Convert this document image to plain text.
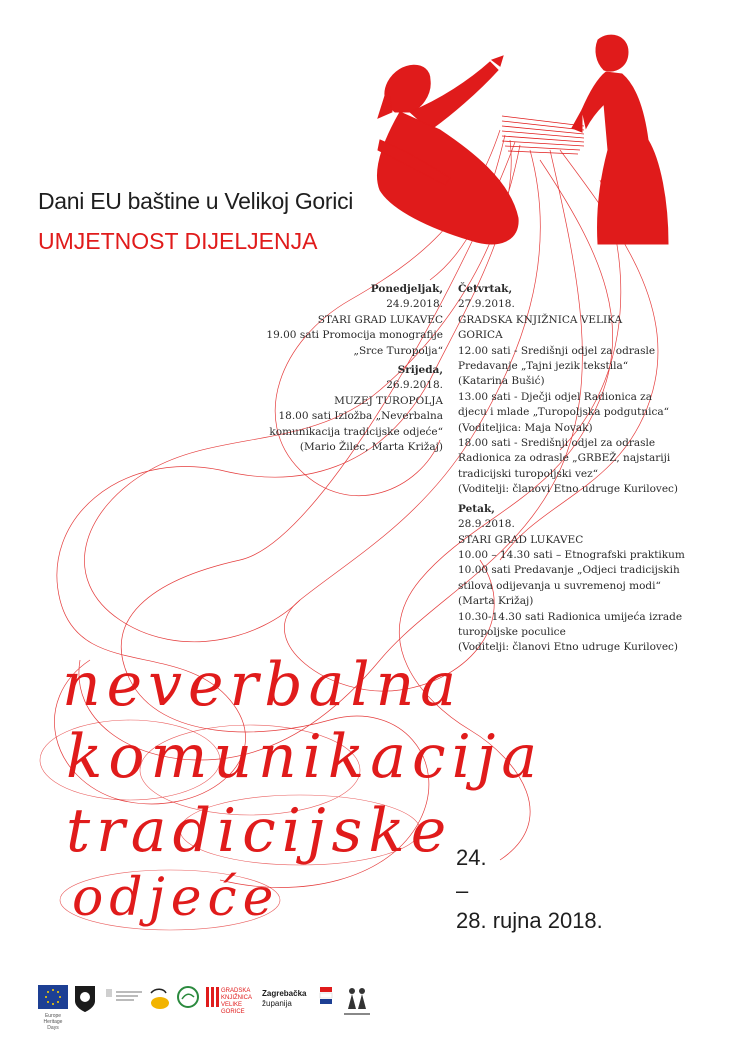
Dani EU baštine u Velikoj Gorici
UMJETNOST DIJELJENJA
Ponedjeljak,
24.9.2018.
STARI GRAD LUKAVEC
19.00 sati Promocija monografije
„Srce Turopolja“
Srijeda,
26.9.2018.
MUZEJ TUROPOLJA
18.00 sati Izložba „Neverbalna
komunikacija tradicijske odjeće“
(Mario Žilec, Marta Križaj)
Četvrtak,
27.9.2018.
GRADSKA KNJIŽNICA VELIKA
GORICA
12.00 sati - Središnji odjel za odrasle
Predavanje „Tajni jezik tekstila“
(Katarina Bušić)
13.00 sati - Dječji odjel Radionica za
djecu i mlade „Turopoljska podgutnica“
(Voditeljica: Maja Novak)
18.00 sati - Središnji odjel za odrasle
Radionica za odrasle „GRBEŽ, najstariji
tradicijski turopoljski vez“
(Voditelji: članovi Etno udruge Kurilovec)
Petak,
28.9.2018.
STARI GRAD LUKAVEC
10.00 – 14.30 sati – Etnografski praktikum
10.00 sati Predavanje „Odjeci tradicijskih
stilova odijevanja u suvremenoj modi“
(Marta Križaj)
10.30-14.30 sati Radionica umijeća izrade
turopoljske poculice
(Voditelji: članovi Etno udruge Kurilovec)
neverbalna
komunikacija
tradicijske
odjeće
24.
–
28. rujna 2018.
Europe Heritage Days
GRADSKA
KNJIŽNICA
VELIKE GORICE
Zagrebačka
županija
